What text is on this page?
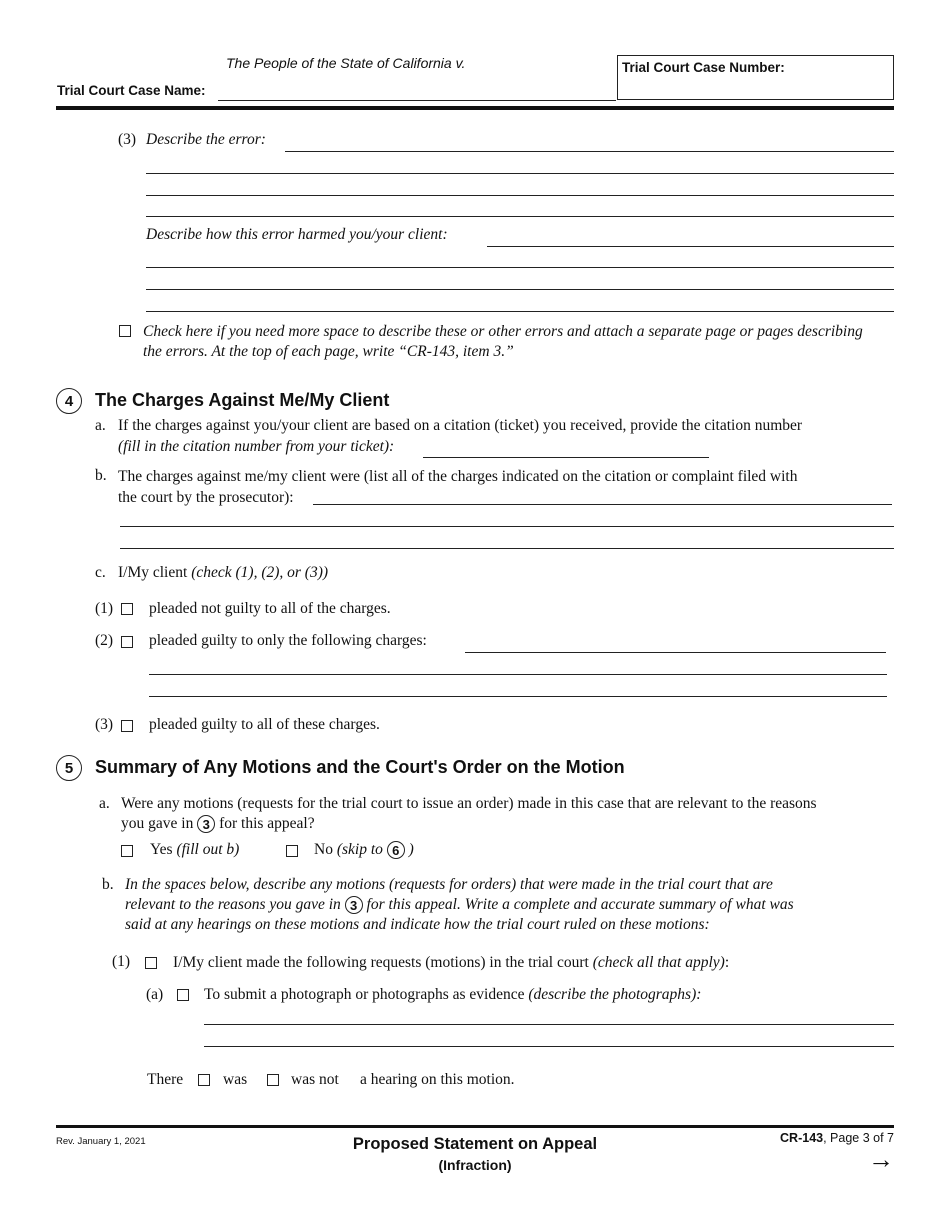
The People of the State of California v.
Trial Court Case Name:
Trial Court Case Number:
(3) Describe the error:
Describe how this error harmed you/your client:
Check here if you need more space to describe these or other errors and attach a separate page or pages describing the errors. At the top of each page, write “CR-143, item 3.”
4	The Charges Against Me/My Client
a. If the charges against you/your client are based on a citation (ticket) you received, provide the citation number
(fill in the citation number from your ticket):
b. The charges against me/my client were (list all of the charges indicated on the citation or complaint filed with
the court by the prosecutor):
c. I/My client (check (1), (2), or (3))
(1) pleaded not guilty to all of the charges.
(2) pleaded guilty to only the following charges:
(3) pleaded guilty to all of these charges.
5	Summary of Any Motions and the Court's Order on the Motion
a. Were any motions (requests for the trial court to issue an order) made in this case that are relevant to the reasons
you gave in 3 for this appeal?
Yes (fill out b)	No (skip to 6 )
b. In the spaces below, describe any motions (requests for orders) that were made in the trial court that are
relevant to the reasons you gave in 3 for this appeal. Write a complete and accurate summary of what was
said at any hearings on these motions and indicate how the trial court ruled on these motions:
(1)	I/My client made the following requests (motions) in the trial court (check all that apply):
(a)	To submit a photograph or photographs as evidence (describe the photographs):
There	was	was not a hearing on this motion.
Rev. January 1, 2021	Proposed Statement on Appeal
(Infraction)
CR-143, Page 3 of 7
→
